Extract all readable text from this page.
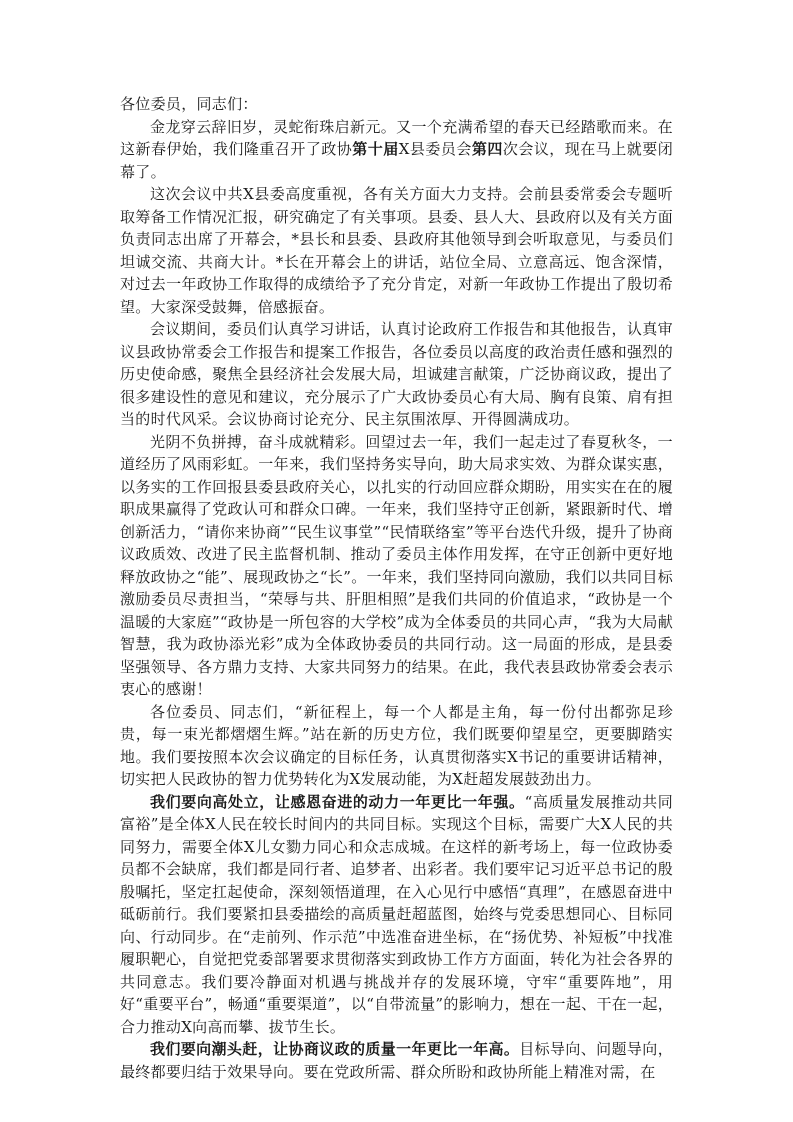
各位委员，同志们：

金龙穿云辞旧岁，灵蛇衔珠启新元。又一个充满希望的春天已经踏歌而来。在这新春伊始，我们隆重召开了政协第十届X县委员会第四次会议，现在马上就要闭幕了。

这次会议中共X县委高度重视，各有关方面大力支持。会前县委常委会专题听取筹备工作情况汇报，研究确定了有关事项。县委、县人大、县政府以及有关方面负责同志出席了开幕会，*县长和县委、县政府其他领导到会听取意见，与委员们坦诚交流、共商大计。*长在开幕会上的讲话，站位全局、立意高远、饱含深情，对过去一年政协工作取得的成绩给予了充分肯定，对新一年政协工作提出了殷切希望。大家深受鼓舞，倍感振奋。

会议期间，委员们认真学习讲话，认真讨论政府工作报告和其他报告，认真审议县政协常委会工作报告和提案工作报告，各位委员以高度的政治责任感和强烈的历史使命感，聚焦全县经济社会发展大局，坦诚建言献策，广泛协商议政，提出了很多建设性的意见和建议，充分展示了广大政协委员心有大局、胸有良策、肩有担当的时代风采。会议协商讨论充分、民主氛围浓厚、开得圆满成功。

光阴不负拼搏，奋斗成就精彩。回望过去一年，我们一起走过了春夏秋冬，一道经历了风雨彩虹。一年来，我们坚持务实导向，助大局求实效、为群众谋实惠，以务实的工作回报县委县政府关心，以扎实的行动回应群众期盼，用实实在在的履职成果赢得了党政认可和群众口碑。一年来，我们坚持守正创新，紧跟新时代、增创新活力，“请你来协商”“民生议事堂”“民情联络室”等平台迭代升级，提升了协商议政质效、改进了民主监督机制、推动了委员主体作用发挥，在守正创新中更好地释放政协之“能”、展现政协之“长”。一年来，我们坚持同向激励，我们以共同目标激励委员尽责担当，“荣辱与共、肝胆相照”是我们共同的价值追求，“政协是一个温暖的大家庭”“政协是一所包容的大学校”成为全体委员的共同心声，“我为大局献智慧，我为政协添光彩”成为全体政协委员的共同行动。这一局面的形成，是县委坚强领导、各方鼎力支持、大家共同努力的结果。在此，我代表县政协常委会表示衷心的感谢！

各位委员、同志们，“新征程上，每一个人都是主角，每一份付出都弥足珍贵，每一束光都熠熠生辉。”站在新的历史方位，我们既要仰望星空，更要脚踏实地。我们要按照本次会议确定的目标任务，认真贯彻落实X书记的重要讲话精神，切实把人民政协的智力优势转化为X发展动能，为X赶超发展鼓劲出力。

我们要向高处立，让感恩奋进的动力一年更比一年强。“高质量发展推动共同富裕”是全体X人民在较长时间内的共同目标。实现这个目标，需要广大X人民的共同努力，需要全体X儿女勠力同心和众志成城。在这样的新考场上，每一位政协委员都不会缺席，我们都是同行者、追梦者、出彩者。我们要牢记习近平总书记的殷殷嘱托，坚定扛起使命，深刻领悟道理，在入心见行中感悟“真理”，在感恩奋进中砥砺前行。我们要紧扣县委描绘的高质量赶超蓝图，始终与党委思想同心、目标同向、行动同步。在“走前列、作示范”中选准奋进坐标，在“扬优势、补短板”中找准履职靶心，自觉把党委部署要求贯彻落实到政协工作方方面面，转化为社会各界的共同意志。我们要冷静面对机遇与挑战并存的发展环境，守牢“重要阵地”，用好“重要平台”，畅通“重要渠道”，以“自带流量”的影响力，想在一起、干在一起，合力推动X向高而攀、拔节生长。

我们要向潮头赶，让协商议政的质量一年更比一年高。目标导向、问题导向，最终都要归结于效果导向。要在党政所需、群众所盼和政协所能上精准对需，在
